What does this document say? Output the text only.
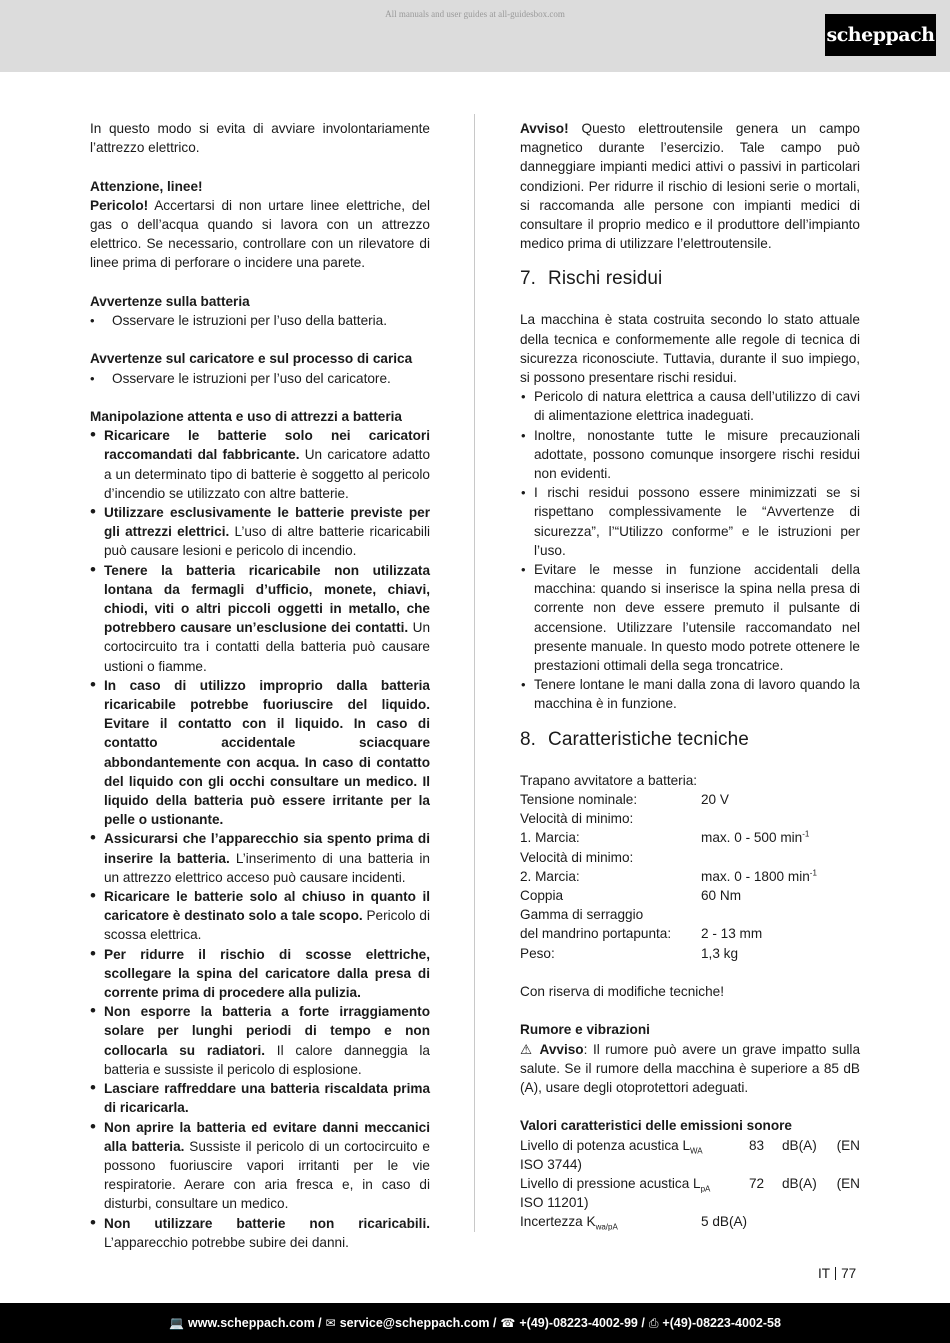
All manuals and user guides at all-guidesbox.com
scheppach

In questo modo si evita di avviare involontariamente l’attrezzo elettrico.

Attenzione, linee!

Pericolo! Accertarsi di non urtare linee elettriche, del gas o dell’acqua quando si lavora con un attrezzo elettrico. Se necessario, controllare con un rilevatore di linee prima di perforare o incidere una parete.

Avvertenze sulla batteria

• Osservare le istruzioni per l’uso della batteria.

Avvertenze sul caricatore e sul processo di carica

• Osservare le istruzioni per l’uso del caricatore.

Manipolazione attenta e uso di attrezzi a batteria

• Ricaricare le batterie solo nei caricatori raccomandati dal fabbricante. Un caricatore adatto a un determinato tipo di batterie è soggetto al pericolo d’incendio se utilizzato con altre batterie.
• Utilizzare esclusivamente le batterie previste per gli attrezzi elettrici. L’uso di altre batterie ricaricabili può causare lesioni e pericolo di incendio.
• Tenere la batteria ricaricabile non utilizzata lontana da fermagli d’ufficio, monete, chiavi, chiodi, viti o altri piccoli oggetti in metallo, che potrebbero causare un’esclusione dei contatti. Un cortocircuito tra i contatti della batteria può causare ustioni o fiamme.
• In caso di utilizzo improprio dalla batteria ricaricabile potrebbe fuoriuscire del liquido. Evitare il contatto con il liquido. In caso di contatto accidentale sciacquare abbondantemente con acqua. In caso di contatto del liquido con gli occhi consultare un medico. Il liquido della batteria può essere irritante per la pelle o ustionante.
• Assicurarsi che l’apparecchio sia spento prima di inserire la batteria. L’inserimento di una batteria in un attrezzo elettrico acceso può causare incidenti.
• Ricaricare le batterie solo al chiuso in quanto il caricatore è destinato solo a tale scopo. Pericolo di scossa elettrica.
• Per ridurre il rischio di scosse elettriche, scollegare la spina del caricatore dalla presa di corrente prima di procedere alla pulizia.
• Non esporre la batteria a forte irraggiamento solare per lunghi periodi di tempo e non collocarla su radiatori. Il calore danneggia la batteria e sussiste il pericolo di esplosione.
• Lasciare raffreddare una batteria riscaldata prima di ricaricarla.
• Non aprire la batteria ed evitare danni meccanici alla batteria. Sussiste il pericolo di un cortocircuito e possono fuoriuscire vapori irritanti per le vie respiratorie. Aerare con aria fresca e, in caso di disturbi, consultare un medico.
• Non utilizzare batterie non ricaricabili. L’apparecchio potrebbe subire dei danni.

Avviso! Questo elettroutensile genera un campo magnetico durante l’esercizio. Tale campo può danneggiare impianti medici attivi o passivi in particolari condizioni. Per ridurre il rischio di lesioni serie o mortali, si raccomanda alle persone con impianti medici di consultare il proprio medico e il produttore dell’impianto medico prima di utilizzare l’elettroutensile.

7. Rischi residui

La macchina è stata costruita secondo lo stato attuale della tecnica e conformemente alle regole di tecnica di sicurezza riconosciute. Tuttavia, durante il suo impiego, si possono presentare rischi residui.

• Pericolo di natura elettrica a causa dell’utilizzo di cavi di alimentazione elettrica inadeguati.
• Inoltre, nonostante tutte le misure precauzionali adottate, possono comunque insorgere rischi residui non evidenti.
• I rischi residui possono essere minimizzati se si rispettano complessivamente le “Avvertenze di sicurezza”, l’“Utilizzo conforme” e le istruzioni per l’uso.
• Evitare le messe in funzione accidentali della macchina: quando si inserisce la spina nella presa di corrente non deve essere premuto il pulsante di accensione. Utilizzare l’utensile raccomandato nel presente manuale. In questo modo potrete ottenere le prestazioni ottimali della sega troncatrice.
• Tenere lontane le mani dalla zona di lavoro quando la macchina è in funzione.
8. Caratteristiche tecniche

Trapano avvitatore a batteria:

Tensione nominale:	20 V
Velocità di minimo:
1. Marcia:	max. 0 - 500 $\min^{-1}$
Velocità di minimo:
2. Marcia:	max. 0 - 1800 $\min^{-1}$
Coppia	60 Nm
Gamma di serraggio
del mandrino portapunta:	2 - 13 mm
Peso:	1,3 kg

Con riserva di modifiche tecniche!

Rumore e vibrazioni

⚠ Avviso: Il rumore può avere un grave impatto sulla salute. Se il rumore della macchina è superiore a 85 dB (A), usare degli otoprotettori adeguati.

Valori caratteristici delle emissioni sonore

Livello di potenza acustica $L_{WA}$	83	dB(A)	(EN

ISO 3744)

Livello di pressione acustica $L_{pA}$	72	dB(A)	(EN

ISO 11201)

Incertezza $K_{wa/pA}$	5 dB(A)
IT 77
💻 www.scheppach.com / ✉ service@scheppach.com / ☎ +(49)-08223-4002-99 / ⎙ +(49)-08223-4002-58
